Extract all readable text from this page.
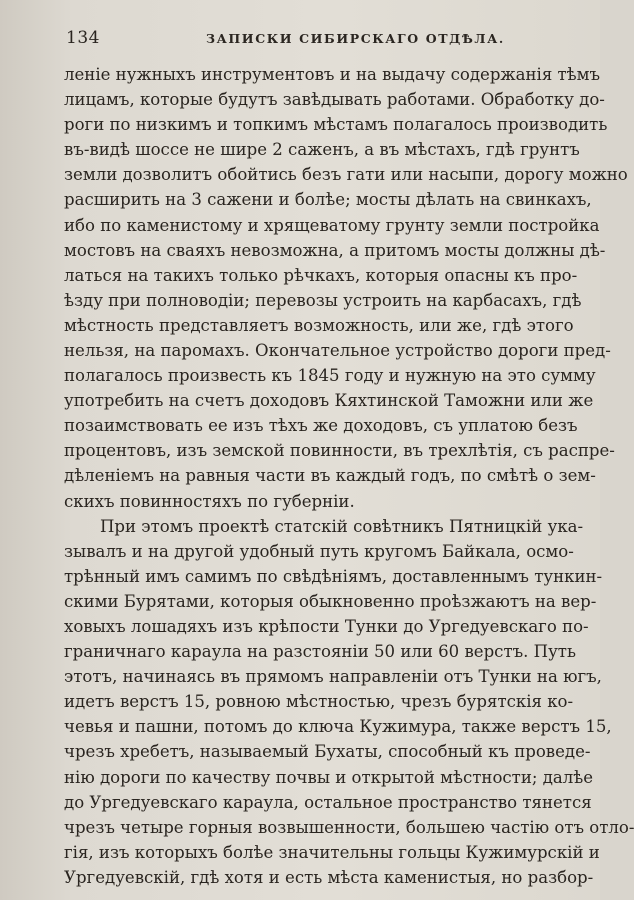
134	ЗАПИСКИ СИБИРСКАГО ОТДѢЛА.
леніе нужныхъ инструментовъ и на выдачу содержанія тѣмъ
лицамъ, которые будутъ завѣдывать работами. Обработку до-
роги по низкимъ и топкимъ мѣстамъ полагалось производить
въ-видѣ шоссе не шире 2 саженъ, а въ мѣстахъ, гдѣ грунтъ
земли дозволитъ обойтись безъ гати или насыпи, дорогу можно
расширить на 3 сажени и болѣе; мосты дѣлать на свинкахъ,
ибо по каменистому и хрящеватому грунту земли постройка
мостовъ на сваяхъ невозможна, а притомъ мосты должны дѣ-
латься на такихъ только рѣчкахъ, которыя опасны къ про-
ѣзду при полноводіи; перевозы устроить на карбасахъ, гдѣ
мѣстность представляетъ возможность, или же, гдѣ этого
нельзя, на паромахъ. Окончательное устройство дороги пред-
полагалось произвесть къ 1845 году и нужную на это сумму
употребить на счетъ доходовъ Кяхтинской Таможни или же
позаимствовать ее изъ тѣхъ же доходовъ, съ уплатою безъ
процентовъ, изъ земской повинности, въ трехлѣтія, съ распре-
дѣленіемъ на равныя части въ каждый годъ, по смѣтѣ о зем-
скихъ повинностяхъ по губерніи.
При этомъ проектѣ статскій совѣтникъ Пятницкій ука-
зывалъ и на другой удобный путь кругомъ Байкала, осмо-
трѣнный имъ самимъ по свѣдѣніямъ, доставленнымъ тункин-
скими Бурятами, которыя обыкновенно проѣзжаютъ на вер-
ховыхъ лошадяхъ изъ крѣпости Тунки до Ургедуевскаго по-
граничнаго караула на разстояніи 50 или 60 верстъ. Путь
этотъ, начинаясь въ прямомъ направленіи отъ Тунки на югъ,
идетъ верстъ 15, ровною мѣстностью, чрезъ бурятскія ко-
чевья и пашни, потомъ до ключа Кужимура, также верстъ 15,
чрезъ хребетъ, называемый Бухаты, способный къ проведе-
нію дороги по качеству почвы и открытой мѣстности; далѣе
до Ургедуевскаго караула, остальное пространство тянется
чрезъ четыре горныя возвышенности, большею частію отъ отло-
гія, изъ которыхъ болѣе значительны гольцы Кужимурскій и
Ургедуевскій, гдѣ хотя и есть мѣста каменистыя, но разбор-
